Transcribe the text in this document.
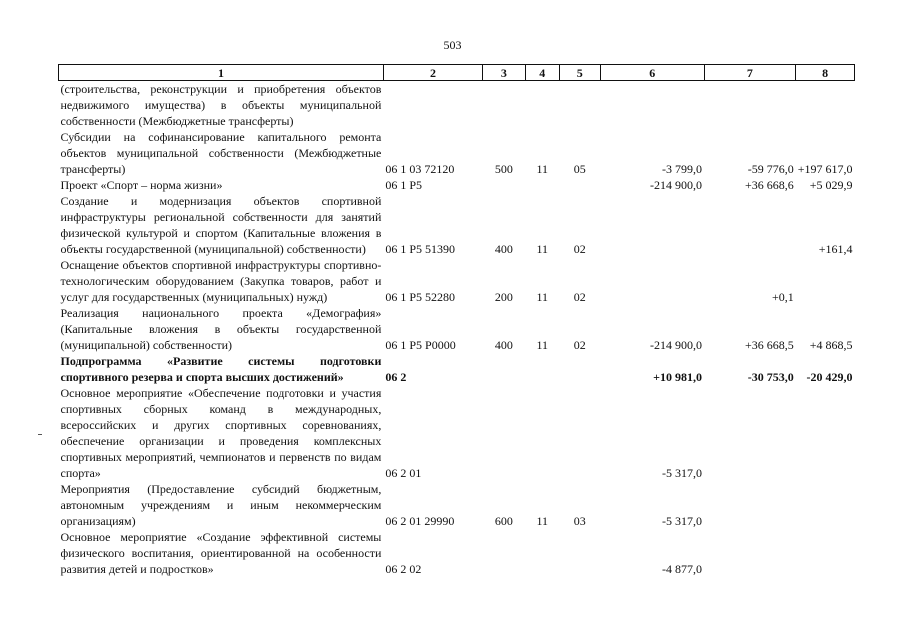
503
1	2	3	4	5	6	7	8
(строительства, реконструкции и приобретения объектов недвижимого имущества) в объекты муниципальной собственности (Межбюджетные трансферты)							
Субсидии на софинансирование капитального ремонта объектов муниципальной собственности (Межбюджетные трансферты)	06 1 03 72120	500	11	05	-3 799,0	-59 776,0	+197 617,0
Проект «Спорт – норма жизни»	06 1 P5				-214 900,0	+36 668,6	+5 029,9
Создание и модернизация объектов спортивной инфраструктуры региональной собственности для занятий физической культурой и спортом (Капитальные вложения в объекты государственной (муниципальной) собственности)	06 1 P5 51390	400	11	02			+161,4
Оснащение объектов спортивной инфраструктуры спортивно-технологическим оборудованием (Закупка товаров, работ и услуг для государственных (муниципальных) нужд)	06 1 P5 52280	200	11	02		+0,1	
Реализация национального проекта «Демография» (Капитальные вложения в объекты государственной (муниципальной) собственности)	06 1 P5 P0000	400	11	02	-214 900,0	+36 668,5	+4 868,5
Подпрограмма «Развитие системы подготовки спортивного резерва и спорта высших достижений»	06 2				+10 981,0	-30 753,0	-20 429,0
Основное мероприятие «Обеспечение подготовки и участия спортивных сборных команд в международных, всероссийских и других спортивных соревнованиях, обеспечение организации и проведения комплексных спортивных мероприятий, чемпионатов и первенств по видам спорта»	06 2 01				-5 317,0		
Мероприятия (Предоставление субсидий бюджетным, автономным учреждениям и иным некоммерческим организациям)	06 2 01 29990	600	11	03	-5 317,0		
Основное мероприятие «Создание эффективной системы физического воспитания, ориентированной на особенности развития детей и подростков»	06 2 02				-4 877,0		
